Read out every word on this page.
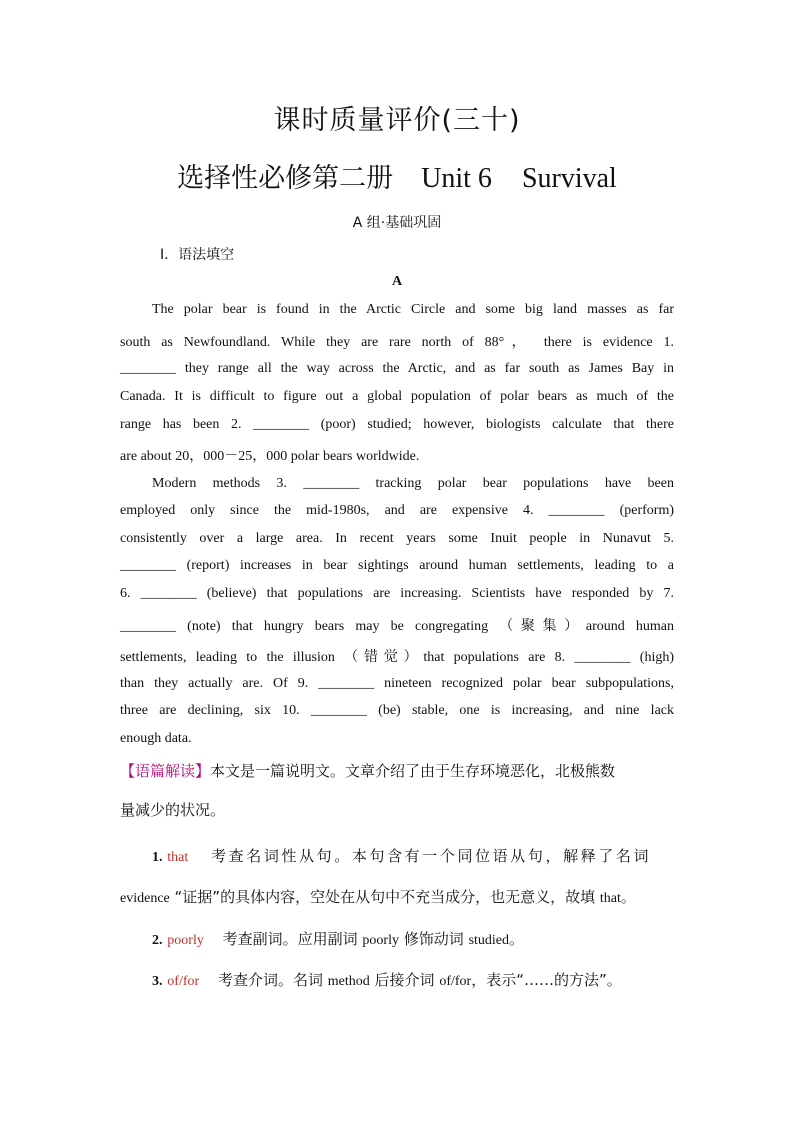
课时质量评价(三十)
选择性必修第二册 Unit 6 Survival
A 组·基础巩固
Ⅰ．语法填空
A
The polar bear is found in the Arctic Circle and some big land masses as far
south as Newfoundland. While they are rare north of 88°， there is evidence 1.
________ they range all the way across the Arctic, and as far south as James Bay in
Canada. It is difficult to figure out a global population of polar bears as much of the
range has been 2. ________ (poor) studied; however, biologists calculate that there
are about 20，000－25，000 polar bears worldwide.
Modern methods 3. ________ tracking polar bear populations have been
employed only since the mid-1980s, and are expensive 4. ________ (perform)
consistently over a large area. In recent years some Inuit people in Nunavut 5.
________ (report) increases in bear sightings around human settlements, leading to a
6. ________ (believe) that populations are increasing. Scientists have responded by 7.
________ (note) that hungry bears may be congregating （聚集）around human
settlements, leading to the illusion （错觉）that populations are 8. ________ (high)
than they actually are. Of 9. ________ nineteen recognized polar bear subpopulations,
three are declining, six 10. ________ (be) stable, one is increasing, and nine lack
enough data.
【语篇解读】本文是一篇说明文。文章介绍了由于生存环境恶化，北极熊数
量减少的状况。
1. that 考查名词性从句。本句含有一个同位语从句，解释了名词
evidence “证据”的具体内容，空处在从句中不充当成分，也无意义，故填 that。
2. poorly 考查副词。应用副词 poorly 修饰动词 studied。
3. of/for 考查介词。名词 method 后接介词 of/for，表示“……的方法”。
